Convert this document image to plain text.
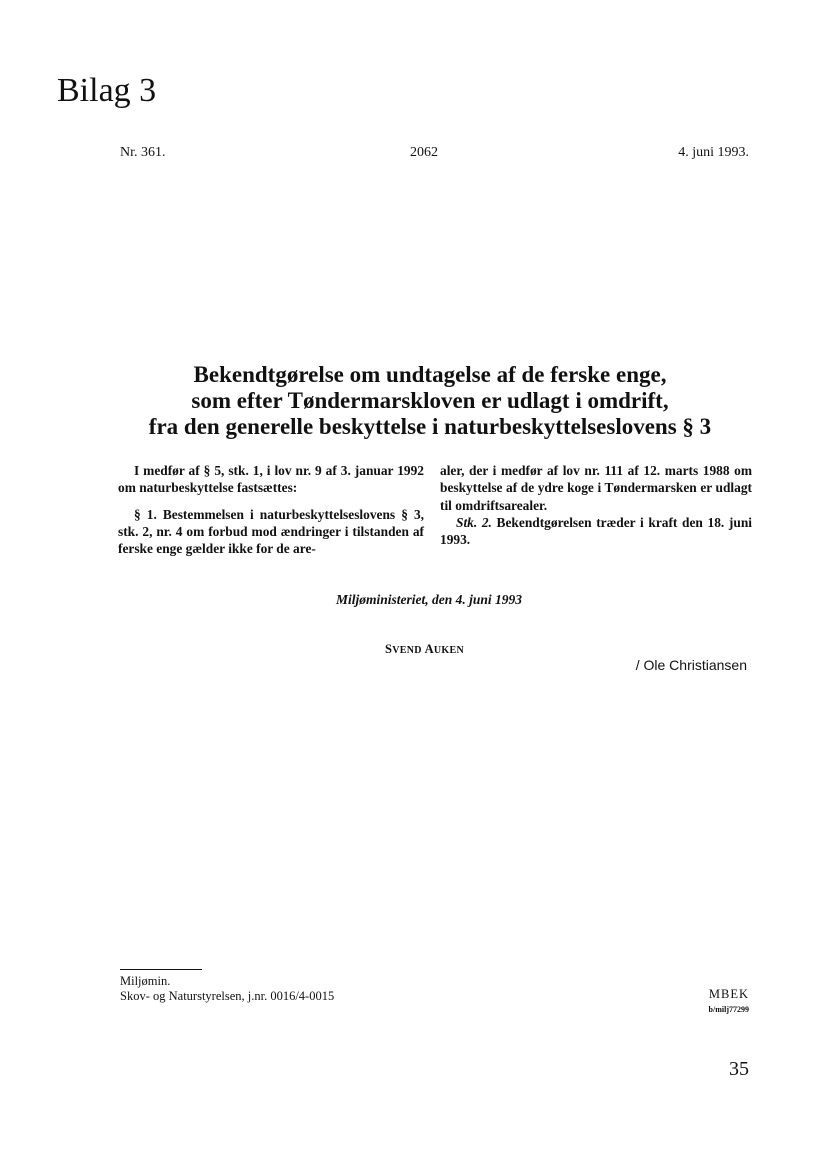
Bilag 3
Nr. 361.	2062	4. juni 1993.
Bekendtgørelse om undtagelse af de ferske enge,
som efter Tøndermarskloven er udlagt i omdrift,
fra den generelle beskyttelse i naturbeskyttelseslovens § 3

I medfør af § 5, stk. 1, i lov nr. 9 af 3. januar 1992 om naturbeskyttelse fastsættes:

§ 1. Bestemmelsen i naturbeskyttelseslovens § 3, stk. 2, nr. 4 om forbud mod ændringer i tilstanden af ferske enge gælder ikke for de are-

aler, der i medfør af lov nr. 111 af 12. marts 1988 om beskyttelse af de ydre koge i Tøndermarsken er udlagt til omdriftsarealer.

Stk. 2. Bekendtgørelsen træder i kraft den 18. juni 1993.

Miljøministeriet, den 4. juni 1993
SVEND AUKEN
/ Ole Christiansen
Miljømin.
Skov- og Naturstyrelsen, j.nr. 0016/4-0015	MBEK
b/milj77299
35
